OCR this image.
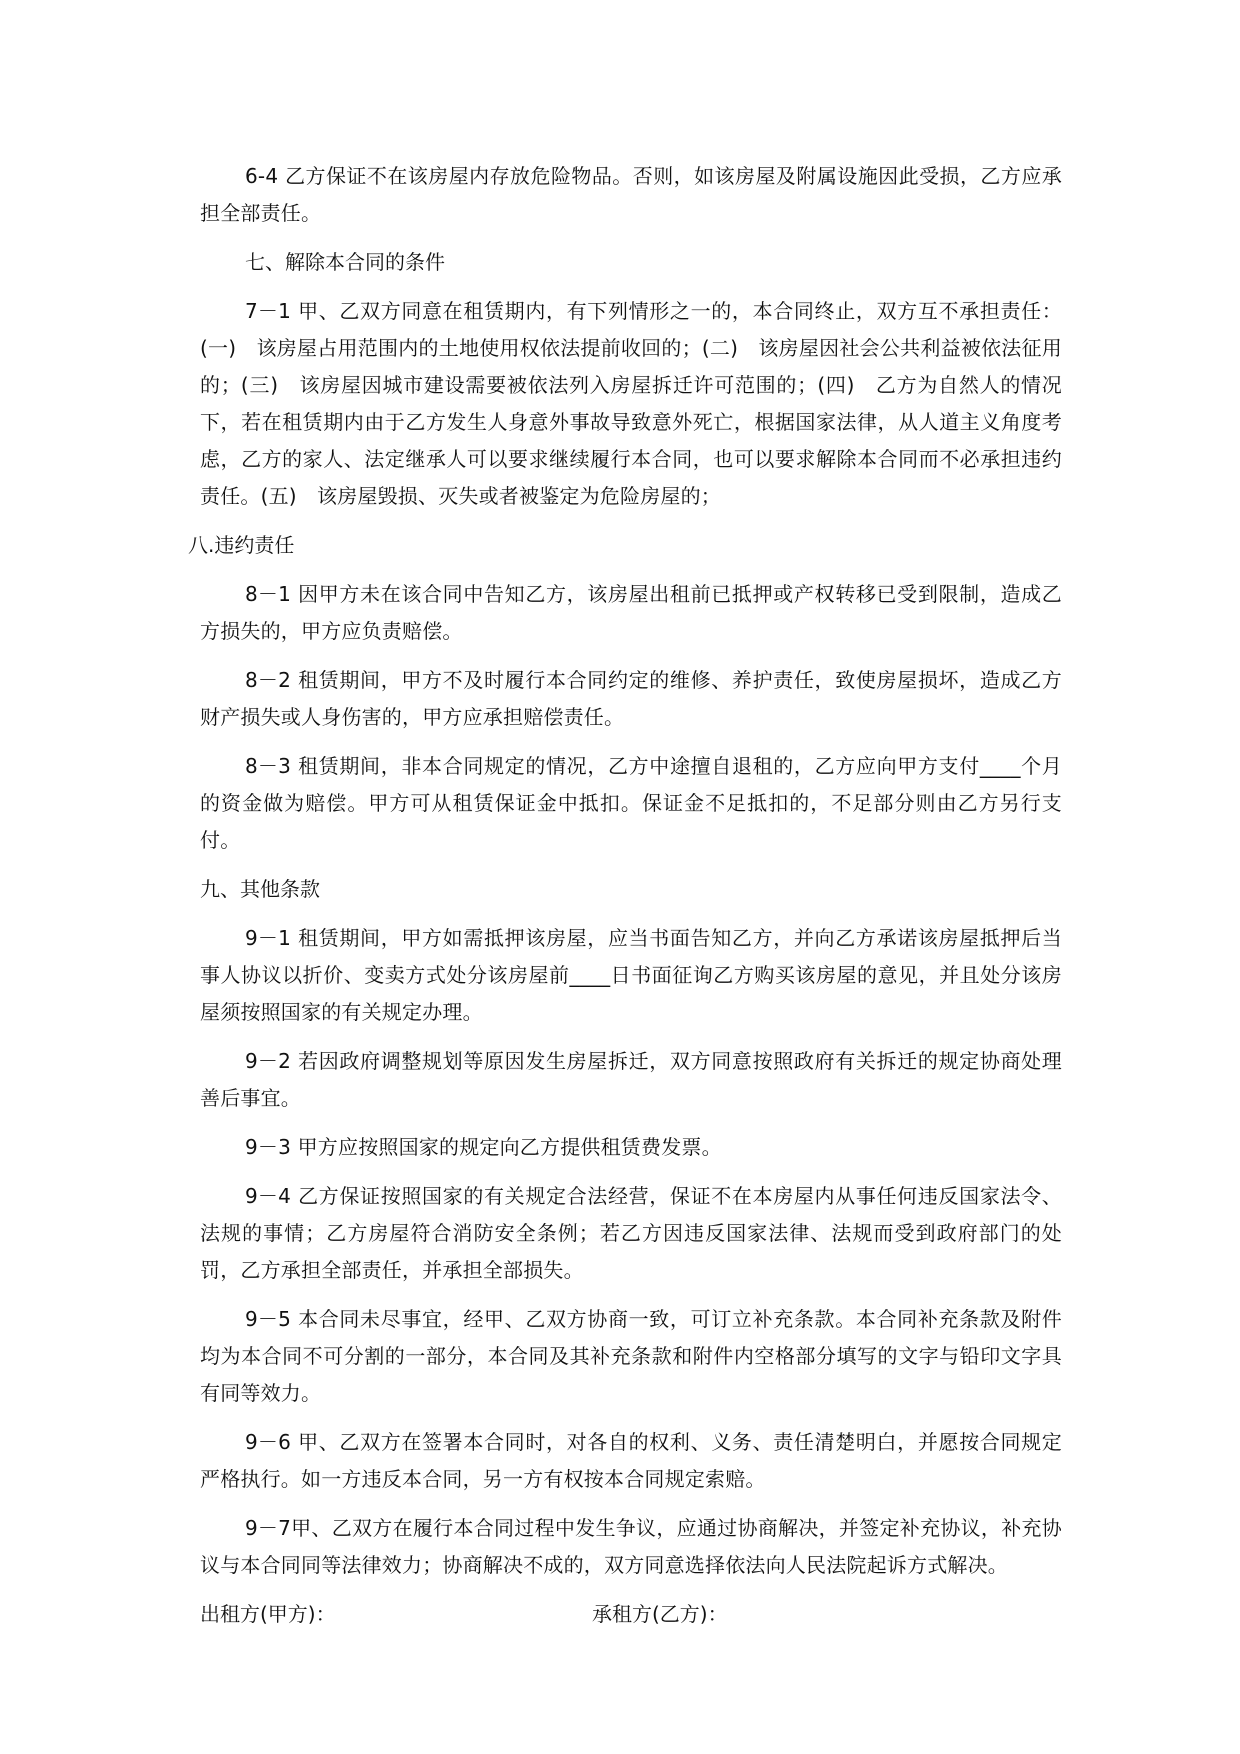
6-4 乙方保证不在该房屋内存放危险物品。否则，如该房屋及附属设施因此受损，乙方应承担全部责任。

七、解除本合同的条件

7－1 甲、乙双方同意在租赁期内，有下列情形之一的，本合同终止，双方互不承担责任：(一)　该房屋占用范围内的土地使用权依法提前收回的；(二)　该房屋因社会公共利益被依法征用的；(三)　该房屋因城市建设需要被依法列入房屋拆迁许可范围的；(四)　乙方为自然人的情况下，若在租赁期内由于乙方发生人身意外事故导致意外死亡，根据国家法律，从人道主义角度考虑，乙方的家人、法定继承人可以要求继续履行本合同，也可以要求解除本合同而不必承担违约责任。(五)　该房屋毁损、灭失或者被鉴定为危险房屋的；

八.违约责任

8－1 因甲方未在该合同中告知乙方，该房屋出租前已抵押或产权转移已受到限制，造成乙方损失的，甲方应负责赔偿。

8－2 租赁期间，甲方不及时履行本合同约定的维修、养护责任，致使房屋损坏，造成乙方财产损失或人身伤害的，甲方应承担赔偿责任。

8－3 租赁期间，非本合同规定的情况，乙方中途擅自退租的，乙方应向甲方支付____个月的资金做为赔偿。甲方可从租赁保证金中抵扣。保证金不足抵扣的，不足部分则由乙方另行支付。

九、其他条款

9－1 租赁期间，甲方如需抵押该房屋，应当书面告知乙方，并向乙方承诺该房屋抵押后当事人协议以折价、变卖方式处分该房屋前____日书面征询乙方购买该房屋的意见，并且处分该房屋须按照国家的有关规定办理。

9－2 若因政府调整规划等原因发生房屋拆迁，双方同意按照政府有关拆迁的规定协商处理善后事宜。

9－3 甲方应按照国家的规定向乙方提供租赁费发票。

9－4 乙方保证按照国家的有关规定合法经营，保证不在本房屋内从事任何违反国家法令、法规的事情；乙方房屋符合消防安全条例；若乙方因违反国家法律、法规而受到政府部门的处罚，乙方承担全部责任，并承担全部损失。

9－5 本合同未尽事宜，经甲、乙双方协商一致，可订立补充条款。本合同补充条款及附件均为本合同不可分割的一部分，本合同及其补充条款和附件内空格部分填写的文字与铅印文字具有同等效力。

9－6 甲、乙双方在签署本合同时，对各自的权利、义务、责任清楚明白，并愿按合同规定严格执行。如一方违反本合同，另一方有权按本合同规定索赔。

9－7甲、乙双方在履行本合同过程中发生争议，应通过协商解决，并签定补充协议，补充协议与本合同同等法律效力；协商解决不成的，双方同意选择依法向人民法院起诉方式解决。

出租方(甲方)：	承租方(乙方)：
